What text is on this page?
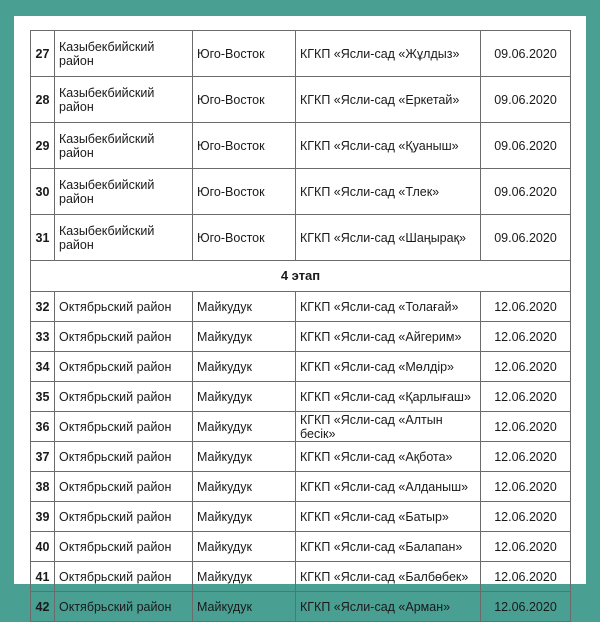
27	Казыбекбийский район	Юго-Восток	КГКП «Ясли-сад «Жұлдыз»	09.06.2020
28	Казыбекбийский район	Юго-Восток	КГКП «Ясли-сад «Еркетай»	09.06.2020
29	Казыбекбийский район	Юго-Восток	КГКП «Ясли-сад «Қуаныш»	09.06.2020
30	Казыбекбийский район	Юго-Восток	КГКП «Ясли-сад «Тлек»	09.06.2020
31	Казыбекбийский район	Юго-Восток	КГКП «Ясли-сад «Шаңырақ»	09.06.2020
4 этап				
32	Октябрьский район	Майкудук	КГКП «Ясли-сад «Толағай»	12.06.2020
33	Октябрьский район	Майкудук	КГКП «Ясли-сад «Айгерим»	12.06.2020
34	Октябрьский район	Майкудук	КГКП «Ясли-сад «Мөлдір»	12.06.2020
35	Октябрьский район	Майкудук	КГКП «Ясли-сад «Қарлығаш»	12.06.2020
36	Октябрьский район	Майкудук	КГКП «Ясли-сад «Алтын бесік»	12.06.2020
37	Октябрьский район	Майкудук	КГКП «Ясли-сад «Ақбота»	12.06.2020
38	Октябрьский район	Майкудук	КГКП «Ясли-сад «Алданыш»	12.06.2020
39	Октябрьский район	Майкудук	КГКП «Ясли-сад «Батыр»	12.06.2020
40	Октябрьский район	Майкудук	КГКП «Ясли-сад «Балапан»	12.06.2020
41	Октябрьский район	Майкудук	КГКП «Ясли-сад «Балбөбек»	12.06.2020
42	Октябрьский район	Майкудук	КГКП «Ясли-сад «Арман»	12.06.2020
